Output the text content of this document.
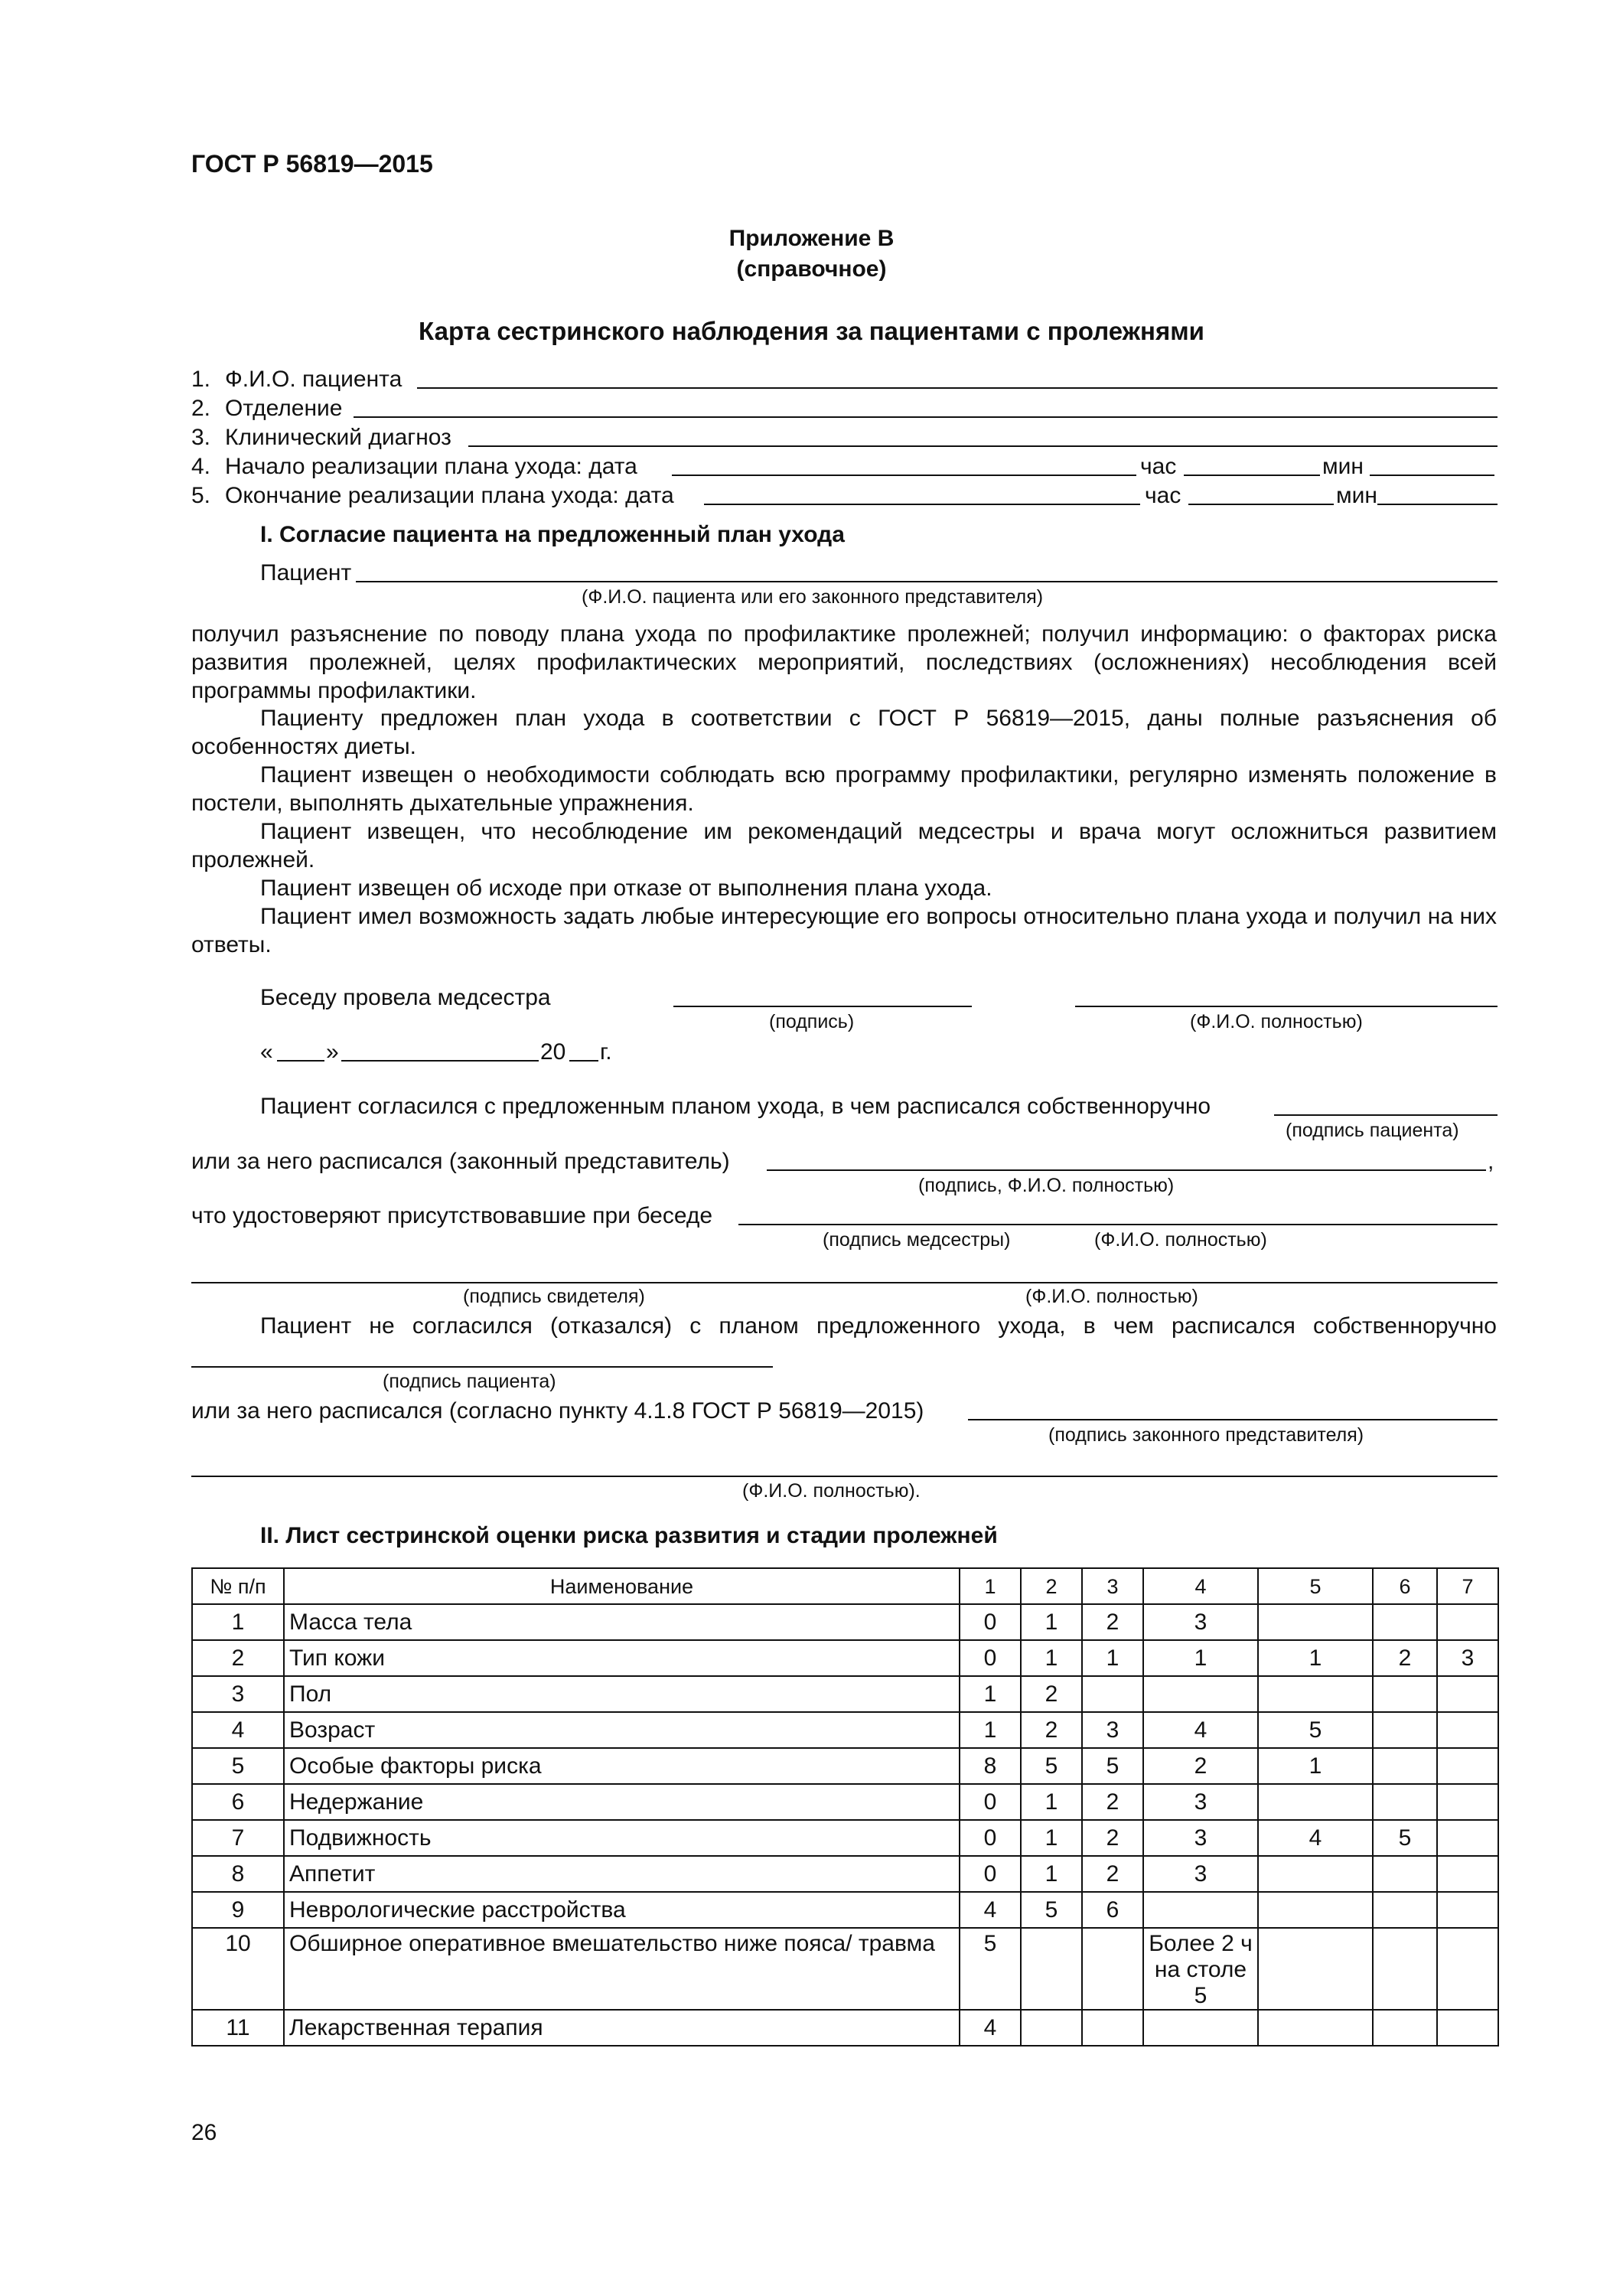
ГОСТ Р 56819—2015
Приложение В
(справочное)
Карта сестринского наблюдения за пациентами с пролежнями
1. Ф.И.О. пациента
2. Отделение
3. Клинический диагноз
4. Начало реализации плана ухода: дата	час	мин
5. Окончание реализации плана ухода: дата	час	мин
I. Согласие пациента на предложенный план ухода
Пациент
(Ф.И.О. пациента или его законного представителя)
получил разъяснение по поводу плана ухода по профилактике пролежней; получил информацию: о факторах риска развития пролежней, целях профилактических мероприятий, последствиях (осложнениях) несоблюдения всей программы профилактики.
Пациенту предложен план ухода в соответствии с ГОСТ Р 56819—2015, даны полные разъяснения об особенностях диеты.
Пациент извещен о необходимости соблюдать всю программу профилактики, регулярно изменять положение в постели, выполнять дыхательные упражнения.
Пациент извещен, что несоблюдение им рекомендаций медсестры и врача могут осложниться развитием пролежней.
Пациент извещен об исходе при отказе от выполнения плана ухода.
Пациент имел возможность задать любые интересующие его вопросы относительно плана ухода и получил на них ответы.
Беседу провела медсестра
(подпись)	(Ф.И.О. полностью)
« »	20 г.
Пациент согласился с предложенным планом ухода, в чем расписался собственноручно
(подпись пациента)
или за него расписался (законный представитель)	,
(подпись, Ф.И.О. полностью)
что удостоверяют присутствовавшие при беседе
(подпись медсестры)	(Ф.И.О. полностью)
(подпись свидетеля)	(Ф.И.О. полностью)
Пациент не согласился (отказался) с планом предложенного ухода, в чем расписался собственноручно
(подпись пациента)
или за него расписался (согласно пункту 4.1.8 ГОСТ Р 56819—2015)
(подпись законного представителя)
(Ф.И.О. полностью).
II. Лист сестринской оценки риска развития и стадии пролежней
№ п/п	Наименование	1	2	3	4	5	6	7
1	Масса тела	0	1	2	3			
2	Тип кожи	0	1	1	1	1	2	3
3	Пол	1	2					
4	Возраст	1	2	3	4	5		
5	Особые факторы риска	8	5	5	2	1		
6	Недержание	0	1	2	3			
7	Подвижность	0	1	2	3	4	5	
8	Аппетит	0	1	2	3			
9	Неврологические расстройства	4	5	6				
10	Обширное оперативное вмешательство ниже пояса/ травма	5			Более 2 ч на столе 5			
11	Лекарственная терапия	4						
26
